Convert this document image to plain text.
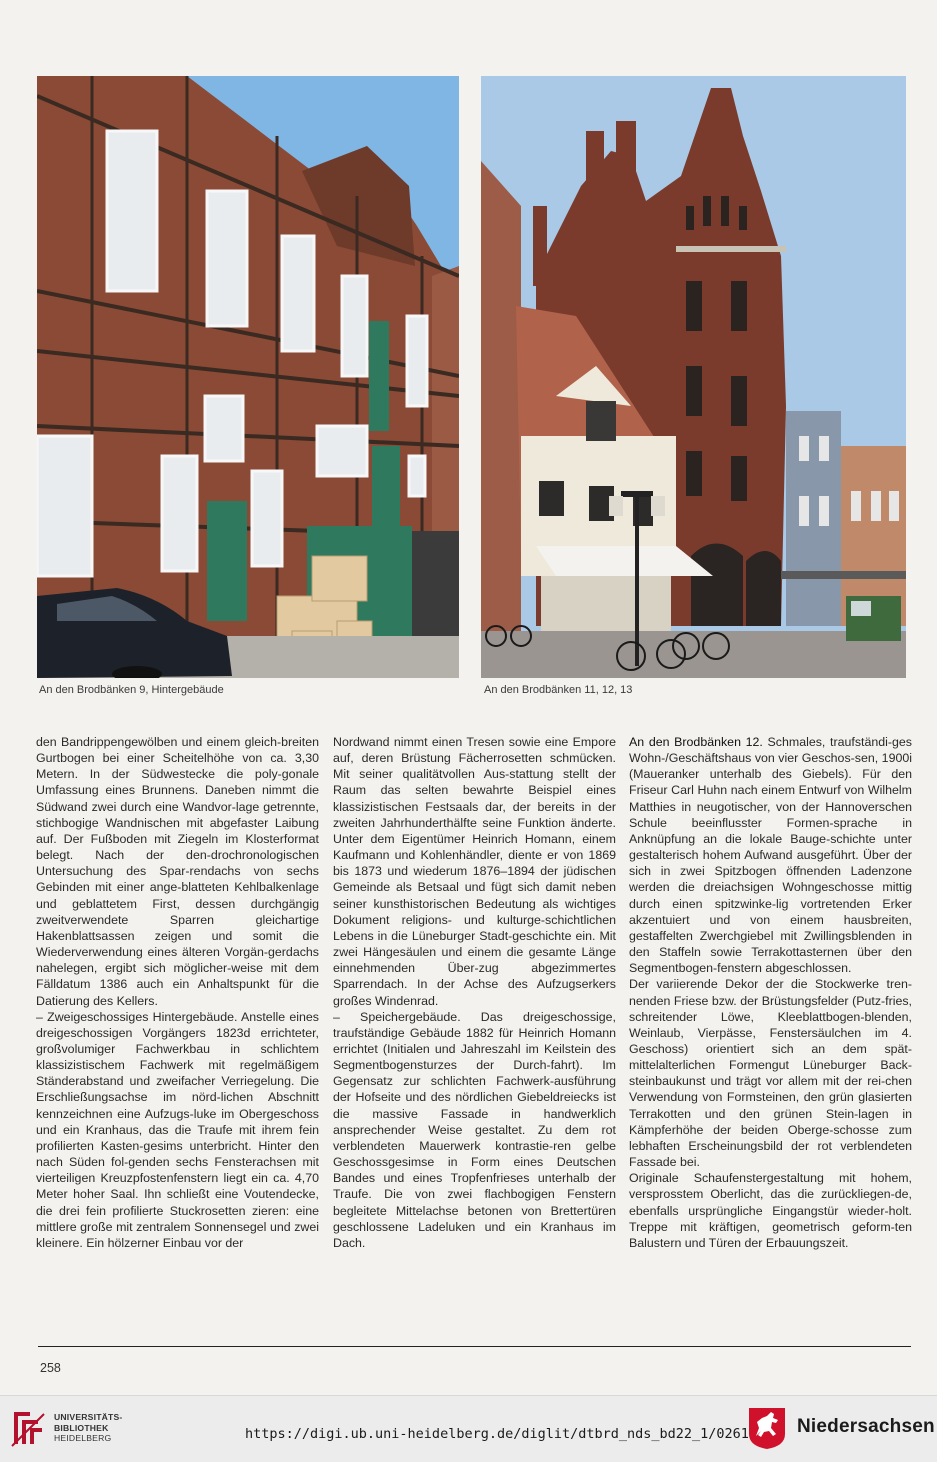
An den Brodbänken 9, Hintergebäude	An den Brodbänken 11, 12, 13

den Bandrippengewölben und einem gleich-breiten Gurtbogen bei einer Scheitelhöhe von ca. 3,30 Metern. In der Südwestecke die poly-gonale Umfassung eines Brunnens. Daneben nimmt die Südwand zwei durch eine Wandvor-lage getrennte, stichbogige Wandnischen mit abgefaster Laibung auf. Der Fußboden mit Ziegeln im Klosterformat belegt. Nach der den-drochronologischen Untersuchung des Spar-rendachs von sechs Gebinden mit einer ange-blatteten Kehlbalkenlage und geblattetem First, dessen durchgängig zweitverwendete Sparren gleichartige Hakenblattsassen zeigen und somit die Wiederverwendung eines älteren Vorgän-gerdachs nahelegen, ergibt sich möglicher-weise mit dem Fälldatum 1386 auch ein Anhaltspunkt für die Datierung des Kellers.

– Zweigeschossiges Hintergebäude. Anstelle eines dreigeschossigen Vorgängers 1823d errichteter, großvolumiger Fachwerkbau in schlichtem klassizistischem Fachwerk mit regelmäßigem Ständerabstand und zweifacher Verriegelung. Die Erschließungsachse im nörd-lichen Abschnitt kennzeichnen eine Aufzugs-luke im Obergeschoss und ein Kranhaus, das die Traufe mit ihrem fein profilierten Kasten-gesims unterbricht. Hinter den nach Süden fol-genden sechs Fensterachsen mit vierteiligen Kreuzpfostenfenstern liegt ein ca. 4,70 Meter hoher Saal. Ihn schließt eine Voutendecke, die drei fein profilierte Stuckrosetten zieren: eine mittlere große mit zentralem Sonnensegel und zwei kleinere. Ein hölzerner Einbau vor der

Nordwand nimmt einen Tresen sowie eine Empore auf, deren Brüstung Fächerrosetten schmücken. Mit seiner qualitätvollen Aus-stattung stellt der Raum das selten bewahrte Beispiel eines klassizistischen Festsaals dar, der bereits in der zweiten Jahrhunderthälfte seine Funktion änderte. Unter dem Eigentümer Heinrich Homann, einem Kaufmann und Kohlenhändler, diente er von 1869 bis 1873 und wiederum 1876–1894 der jüdischen Gemeinde als Betsaal und fügt sich damit neben seiner kunsthistorischen Bedeutung als wichtiges Dokument religions- und kulturge-schichtlichen Lebens in die Lüneburger Stadt-geschichte ein. Mit zwei Hängesäulen und einem die gesamte Länge einnehmenden Über-zug abgezimmertes Sparrendach. In der Achse des Aufzugserkers großes Windenrad.

– Speichergebäude. Das dreigeschossige, traufständige Gebäude 1882 für Heinrich Homann errichtet (Initialen und Jahreszahl im Keilstein des Segmentbogensturzes der Durch-fahrt). Im Gegensatz zur schlichten Fachwerk-ausführung der Hofseite und des nördlichen Giebeldreiecks ist die massive Fassade in handwerklich ansprechender Weise gestaltet. Zu dem rot verblendeten Mauerwerk kontrastie-ren gelbe Geschossgesimse in Form eines Deutschen Bandes und eines Tropfenfrieses unterhalb der Traufe. Die von zwei flachbogigen Fenstern begleitete Mittelachse betonen von Brettertüren geschlossene Ladeluken und ein Kranhaus im Dach.

An den Brodbänken 12. Schmales, traufständi-ges Wohn-/Geschäftshaus von vier Geschos-sen, 1900i (Maueranker unterhalb des Giebels). Für den Friseur Carl Huhn nach einem Entwurf von Wilhelm Matthies in neugotischer, von der Hannoverschen Schule beeinflusster Formen-sprache in Anknüpfung an die lokale Bauge-schichte unter gestalterisch hohem Aufwand ausgeführt. Über der sich in zwei Spitzbogen öffnenden Ladenzone werden die dreiachsigen Wohngeschosse mittig durch einen spitzwinke-lig vortretenden Erker akzentuiert und von einem hausbreiten, gestaffelten Zwerchgiebel mit Zwillingsblenden in den Staffeln sowie Terrakottasternen über den Segmentbogen-fenstern abgeschlossen.

Der variierende Dekor der die Stockwerke tren-nenden Friese bzw. der Brüstungsfelder (Putz-fries, schreitender Löwe, Kleeblattbogen-blenden, Weinlaub, Vierpässe, Fenstersäulchen im 4. Geschoss) orientiert sich an dem spät-mittelalterlichen Formengut Lüneburger Back-steinbaukunst und trägt vor allem mit der rei-chen Verwendung von Formsteinen, den grün glasierten Terrakotten und den grünen Stein-lagen in Kämpferhöhe der beiden Oberge-schosse zum lebhaften Erscheinungsbild der rot verblendeten Fassade bei.

Originale Schaufenstergestaltung mit hohem, versprosstem Oberlicht, das die zurückliegen-de, ebenfalls ursprüngliche Eingangstür wieder-holt. Treppe mit kräftigen, geometrisch geform-ten Balustern und Türen der Erbauungszeit.

258
UNIVERSITÄTS-
BIBLIOTHEK
HEIDELBERG	https://digi.ub.uni-heidelberg.de/diglit/dtbrd_nds_bd22_1/0261	Niedersachsen
